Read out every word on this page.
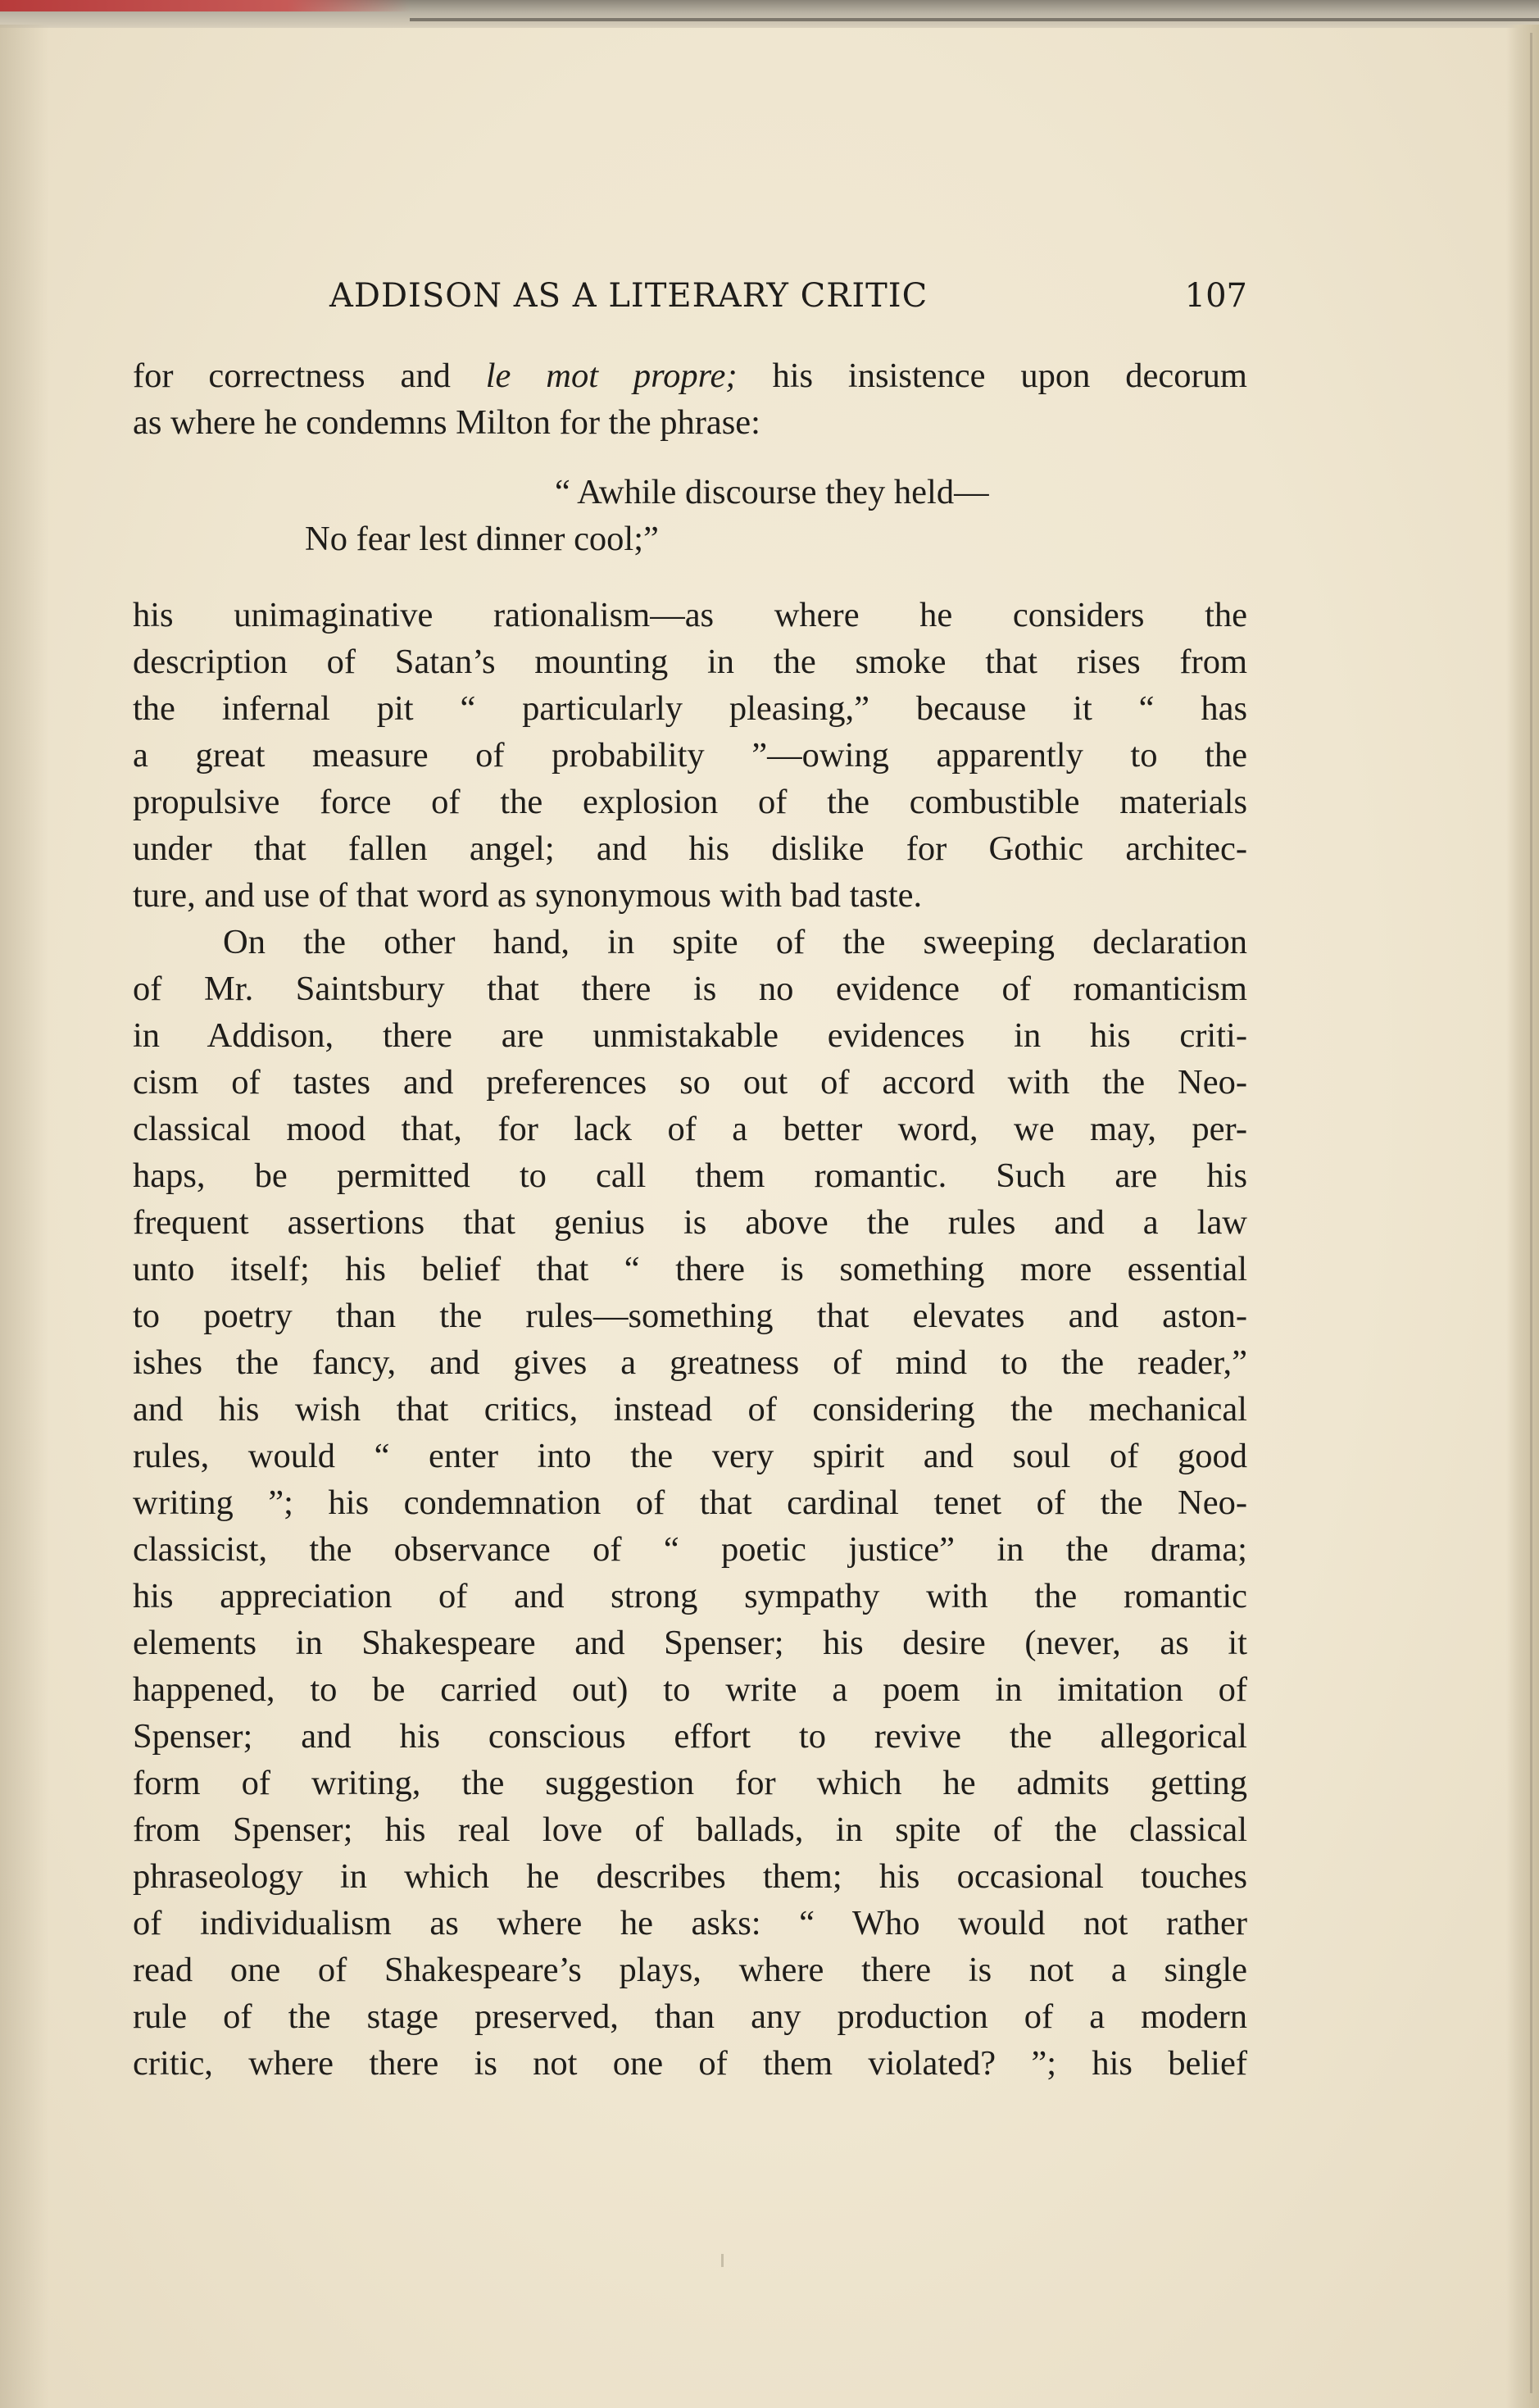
ADDISON AS A LITERARY CRITIC	107
for correctness and le mot propre; his insistence upon decorum
as where he condemns Milton for the phrase:
“ Awhile discourse they held—
No fear lest dinner cool;”
his unimaginative rationalism—as where he considers the
description of Satan’s mounting in the smoke that rises from
the infernal pit “ particularly pleasing,” because it “ has
a great measure of probability ”—owing apparently to the
propulsive force of the explosion of the combustible materials
under that fallen angel; and his dislike for Gothic architec-
ture, and use of that word as synonymous with bad taste.
On the other hand, in spite of the sweeping declaration
of Mr. Saintsbury that there is no evidence of romanticism
in Addison, there are unmistakable evidences in his criti-
cism of tastes and preferences so out of accord with the Neo-
classical mood that, for lack of a better word, we may, per-
haps, be permitted to call them romantic. Such are his
frequent assertions that genius is above the rules and a law
unto itself; his belief that “ there is something more essential
to poetry than the rules—something that elevates and aston-
ishes the fancy, and gives a greatness of mind to the reader,”
and his wish that critics, instead of considering the mechanical
rules, would “ enter into the very spirit and soul of good
writing ”; his condemnation of that cardinal tenet of the Neo-
classicist, the observance of “ poetic justice” in the drama;
his appreciation of and strong sympathy with the romantic
elements in Shakespeare and Spenser; his desire (never, as it
happened, to be carried out) to write a poem in imitation of
Spenser; and his conscious effort to revive the allegorical
form of writing, the suggestion for which he admits getting
from Spenser; his real love of ballads, in spite of the classical
phraseology in which he describes them; his occasional touches
of individualism as where he asks: “ Who would not rather
read one of Shakespeare’s plays, where there is not a single
rule of the stage preserved, than any production of a modern
critic, where there is not one of them violated? ”; his belief
